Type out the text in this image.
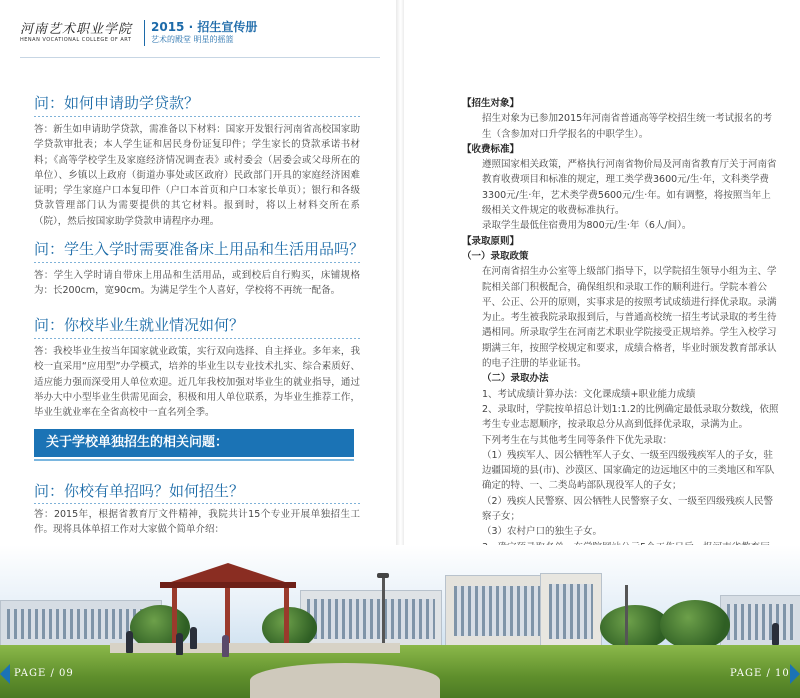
河南艺术职业学院
HENAN VOCATIONAL COLLEGE OF ART
2015 · 招生宣传册
艺术的殿堂 明星的摇篮
问：如何申请助学贷款？
答：新生如申请助学贷款，需准备以下材料：国家开发银行河南省高校国家助学贷款审批表；本人学生证和居民身份证复印件；学生家长的贷款承诺书材料；《高等学校学生及家庭经济情况调查表》或村委会（居委会或父母所在的单位）、乡镇以上政府（街道办事处或区政府）民政部门开具的家庭经济困难证明；学生家庭户口本复印件（户口本首页和户口本家长单页）；银行和各级贷款管理部门认为需要提供的其它材料。报到时，将以上材料交所在系（院），然后按国家助学贷款申请程序办理。
问：学生入学时需要准备床上用品和生活用品吗？
答：学生入学时请自带床上用品和生活用品，或到校后自行购买，床铺规格为：长200cm，宽90cm。为满足学生个人喜好，学校将不再统一配备。
问：你校毕业生就业情况如何？
答：我校毕业生按当年国家就业政策，实行双向选择、自主择业。多年来，我校一直采用“应用型”办学模式，培养的毕业生以专业技术扎实、综合素质好、适应能力强而深受用人单位欢迎。近几年我校加强对毕业生的就业指导，通过举办大中小型毕业生供需见面会，积极和用人单位联系，为毕业生推荐工作，毕业生就业率在全省高校中一直名列全季。
关于学校单独招生的相关问题：
问：你校有单招吗？如何招生？
答：2015年，根据省教育厅文件精神，我院共计15个专业开展单独招生工作。现将具体单招工作对大家做个简单介绍：

【招生对象】

招生对象为已参加2015年河南省普通高等学校招生统一考试报名的考生（含参加对口升学报名的中职学生）。

【收费标准】

遵照国家相关政策，严格执行河南省物价局及河南省教育厅关于河南省教育收费项目和标准的规定，理工类学费3600元/生·年，文科类学费3300元/生·年，艺术类学费5600元/生·年。如有调整，将按照当年上级相关文件规定的收费标准执行。

录取学生最低住宿费用为800元/生·年（6人/间）。

【录取原则】

（一）录取政策

在河南省招生办公室等上级部门指导下，以学院招生领导小组为主、学院相关部门积极配合，确保组织和录取工作的顺利进行。学院本着公平、公正、公开的原则，实事求是的按照考试成绩进行择优录取。录满为止。考生被我院录取报到后，与普通高校统一招生考试录取的考生待遇相同。所录取学生在河南艺术职业学院接受正规培养。学生入校学习期满三年，按照学校规定和要求，成绩合格者，毕业时颁发教育部承认的电子注册的毕业证书。

（二）录取办法

1、考试成绩计算办法：文化课成绩+职业能力成绩

2、录取时，学院按单招总计划1:1.2的比例确定最低录取分数线，依照考生专业志愿顺序，按录取总分从高到低择优录取，录满为止。

下列考生在与其他考生同等条件下优先录取：

（1）残疾军人、因公牺牲军人子女、一级至四级残疾军人的子女，驻边疆国境的县(市)、沙漠区、国家确定的边远地区中的三类地区和军队确定的特、一、二类岛屿部队现役军人的子女；

（2）残疾人民警察、因公牺牲人民警察子女、一级至四级残疾人民警察子女；

（3）农村户口的独生子女。

PAGE / 09	PAGE / 10
